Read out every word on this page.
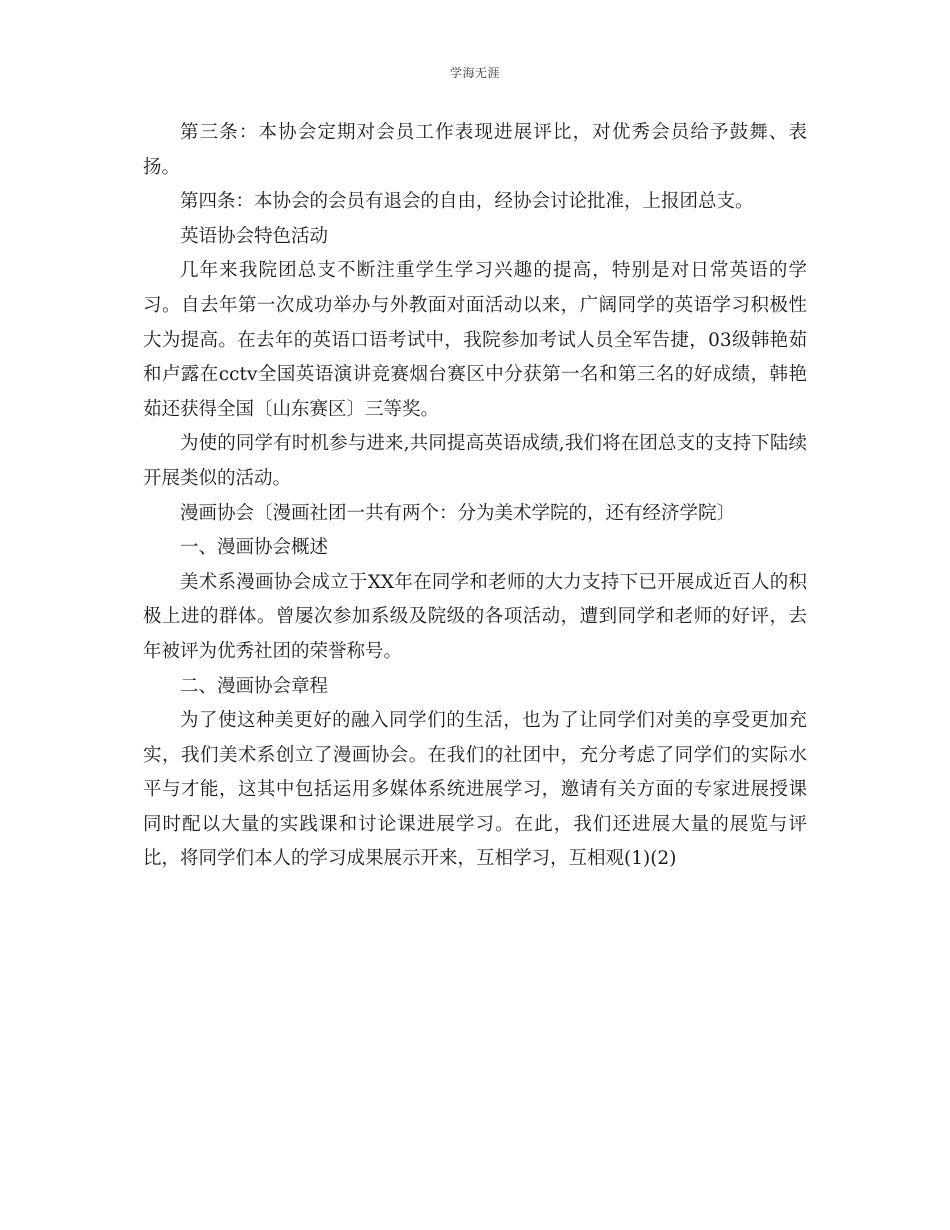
学海无涯

第三条：本协会定期对会员工作表现进展评比，对优秀会员给予鼓舞、表扬。

第四条：本协会的会员有退会的自由，经协会讨论批准，上报团总支。

英语协会特色活动

几年来我院团总支不断注重学生学习兴趣的提高，特别是对日常英语的学习。自去年第一次成功举办与外教面对面活动以来，广阔同学的英语学习积极性大为提高。在去年的英语口语考试中，我院参加考试人员全军告捷，03级韩艳茹和卢露在cctv全国英语演讲竞赛烟台赛区中分获第一名和第三名的好成绩，韩艳茹还获得全国〔山东赛区〕三等奖。

为使的同学有时机参与进来,共同提高英语成绩,我们将在团总支的支持下陆续开展类似的活动。

漫画协会〔漫画社团一共有两个：分为美术学院的，还有经济学院〕

一、漫画协会概述

美术系漫画协会成立于XX年在同学和老师的大力支持下已开展成近百人的积极上进的群体。曾屡次参加系级及院级的各项活动，遭到同学和老师的好评，去年被评为优秀社团的荣誉称号。

二、漫画协会章程

为了使这种美更好的融入同学们的生活，也为了让同学们对美的享受更加充实，我们美术系创立了漫画协会。在我们的社团中，充分考虑了同学们的实际水平与才能，这其中包括运用多媒体系统进展学习，邀请有关方面的专家进展授课同时配以大量的实践课和讨论课进展学习。在此，我们还进展大量的展览与评比，将同学们本人的学习成果展示开来，互相学习，互相观(1)(2)
